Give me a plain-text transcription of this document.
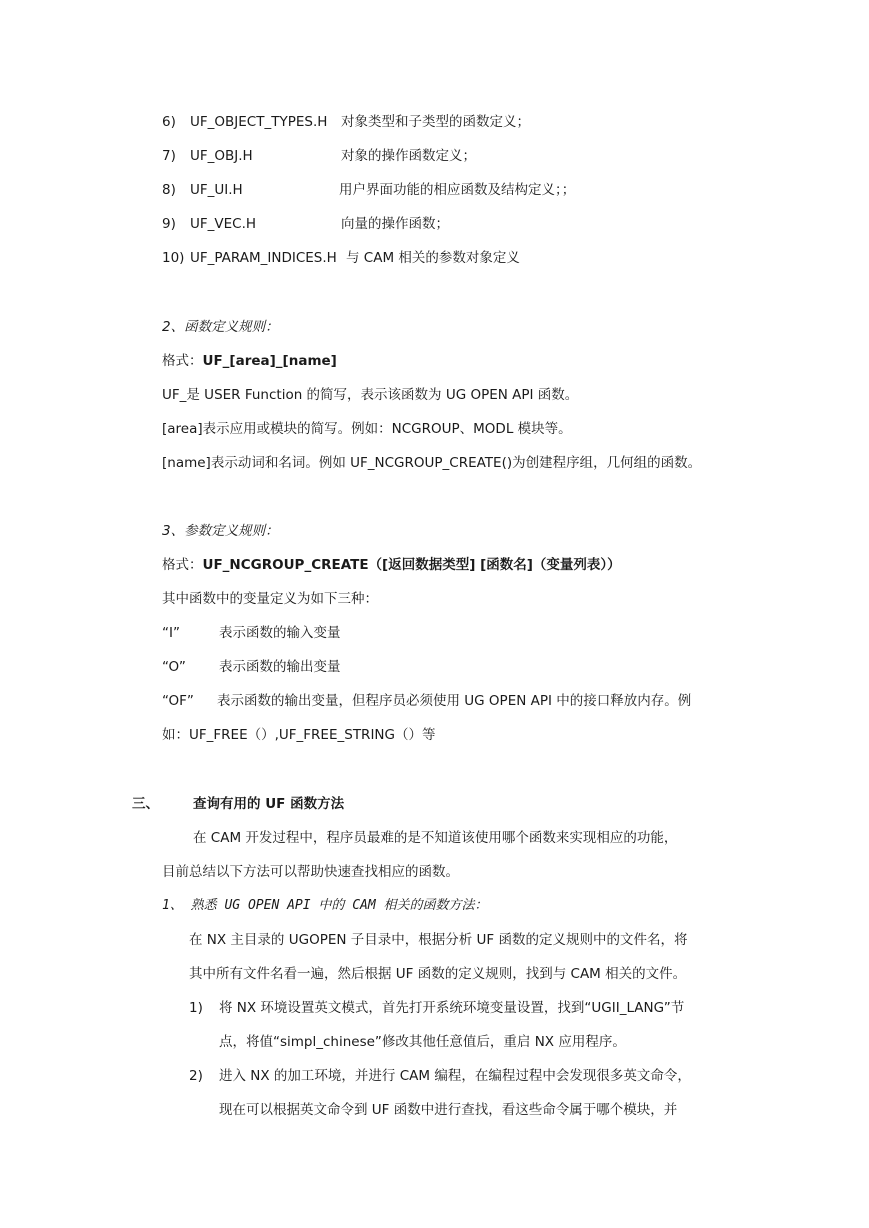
6) UF_OBJECT_TYPES.H 对象类型和子类型的函数定义；
7) UF_OBJ.H	对象的操作函数定义；
8) UF_UI.H	用户界面功能的相应函数及结构定义；；
9) UF_VEC.H	向量的操作函数；
10) UF_PARAM_INDICES.H 与 CAM 相关的参数对象定义
2、函数定义规则：
格式：UF_[area]_[name]
UF_是 USER Function 的简写，表示该函数为 UG OPEN API 函数。
[area]表示应用或模块的简写。例如：NCGROUP、MODL 模块等。
[name]表示动词和名词。例如 UF_NCGROUP_CREATE()为创建程序组，几何组的函数。
3、参数定义规则：
格式：UF_NCGROUP_CREATE（[返回数据类型] [函数名]（变量列表））
其中函数中的变量定义为如下三种：
“I”	表示函数的输入变量
“O” 表示函数的输出变量
“OF” 表示函数的输出变量，但程序员必须使用 UG OPEN API 中的接口释放内存。例
如：UF_FREE（）,UF_FREE_STRING（）等
三、	查询有用的 UF 函数方法
在 CAM 开发过程中，程序员最难的是不知道该使用哪个函数来实现相应的功能，
目前总结以下方法可以帮助快速查找相应的函数。
1、 熟悉 UG OPEN API 中的 CAM 相关的函数方法：
在 NX 主目录的 UGOPEN 子目录中，根据分析 UF 函数的定义规则中的文件名，将
其中所有文件名看一遍，然后根据 UF 函数的定义规则，找到与 CAM 相关的文件。
1) 将 NX 环境设置英文模式，首先打开系统环境变量设置，找到“UGII_LANG”节
点，将值“simpl_chinese”修改其他任意值后，重启 NX 应用程序。
2) 进入 NX 的加工环境，并进行 CAM 编程，在编程过程中会发现很多英文命令，
现在可以根据英文命令到 UF 函数中进行查找，看这些命令属于哪个模块，并
